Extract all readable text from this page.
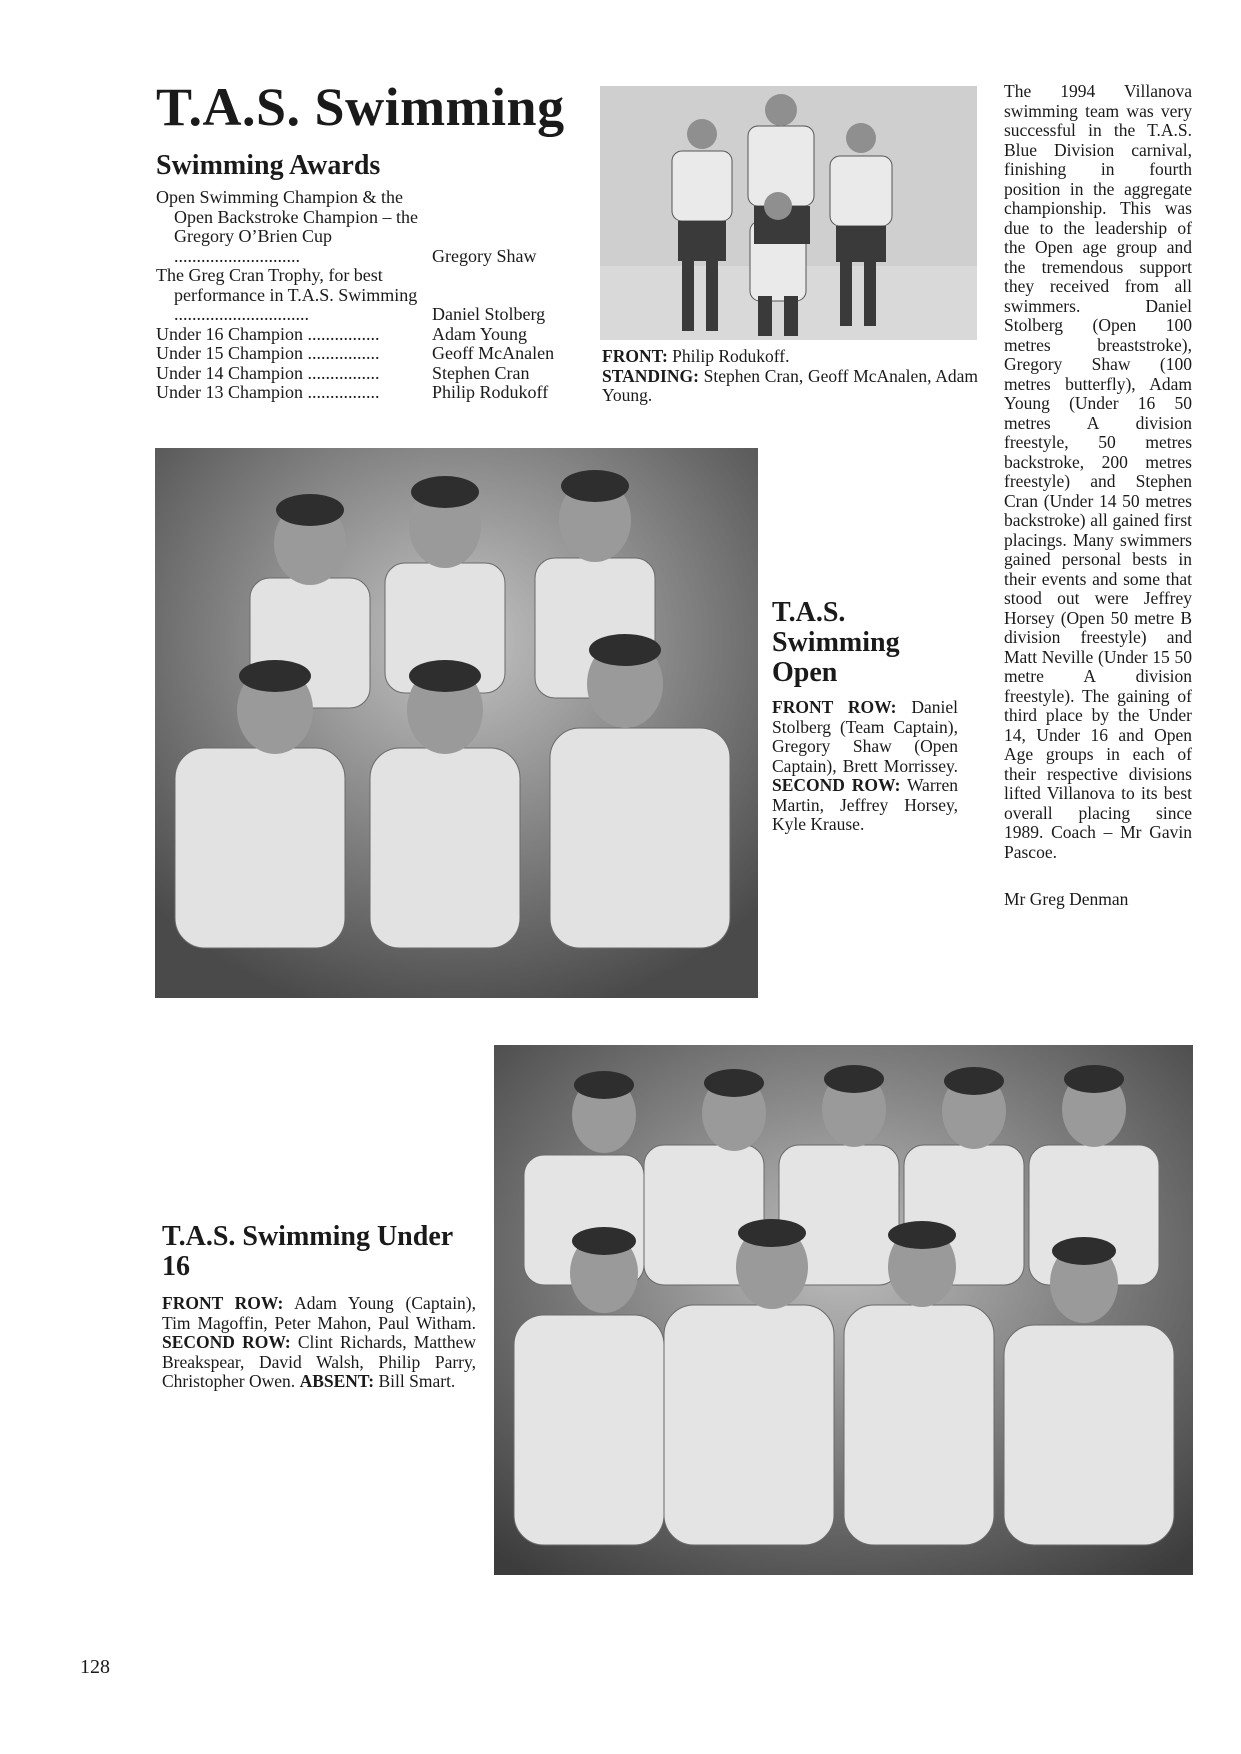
T.A.S. Swimming
Swimming Awards
Open Swimming Champion & the Open Backstroke Champion – the Gregory O’Brien Cup ............................	Gregory Shaw
The Greg Cran Trophy, for best performance in T.A.S. Swimming ..............................	Daniel Stolberg
Under 16 Champion ................	Adam Young
Under 15 Champion ................	Geoff McAnalen
Under 14 Champion ................	Stephen Cran
Under 13 Champion ................	Philip Rodukoff
FRONT: Philip Rodukoff.
STANDING: Stephen Cran, Geoff McAnalen, Adam Young.
T.A.S. Swimming Open
FRONT ROW: Daniel Stolberg (Team Captain), Gregory Shaw (Open Captain), Brett Morrissey. SECOND ROW: Warren Martin, Jeffrey Horsey, Kyle Krause.
The 1994 Villanova swimming team was very successful in the T.A.S. Blue Division carnival, finishing in fourth position in the aggregate championship. This was due to the leadership of the Open age group and the tremendous support they received from all swimmers. Daniel Stolberg (Open 100 metres breaststroke), Gregory Shaw (100 metres butterfly), Adam Young (Under 16 50 metres A division freestyle, 50 metres backstroke, 200 metres freestyle) and Stephen Cran (Under 14 50 metres backstroke) all gained first placings. Many swimmers gained personal bests in their events and some that stood out were Jeffrey Horsey (Open 50 metre B division freestyle) and Matt Neville (Under 15 50 metre A division freestyle). The gaining of third place by the Under 14, Under 16 and Open Age groups in each of their respective divisions lifted Villanova to its best overall placing since 1989. Coach – Mr Gavin Pascoe.
Mr Greg Denman
T.A.S. Swimming Under 16
FRONT ROW: Adam Young (Captain), Tim Magoffin, Peter Mahon, Paul Witham. SECOND ROW: Clint Richards, Matthew Breakspear, David Walsh, Philip Parry, Christopher Owen. ABSENT: Bill Smart.
128
